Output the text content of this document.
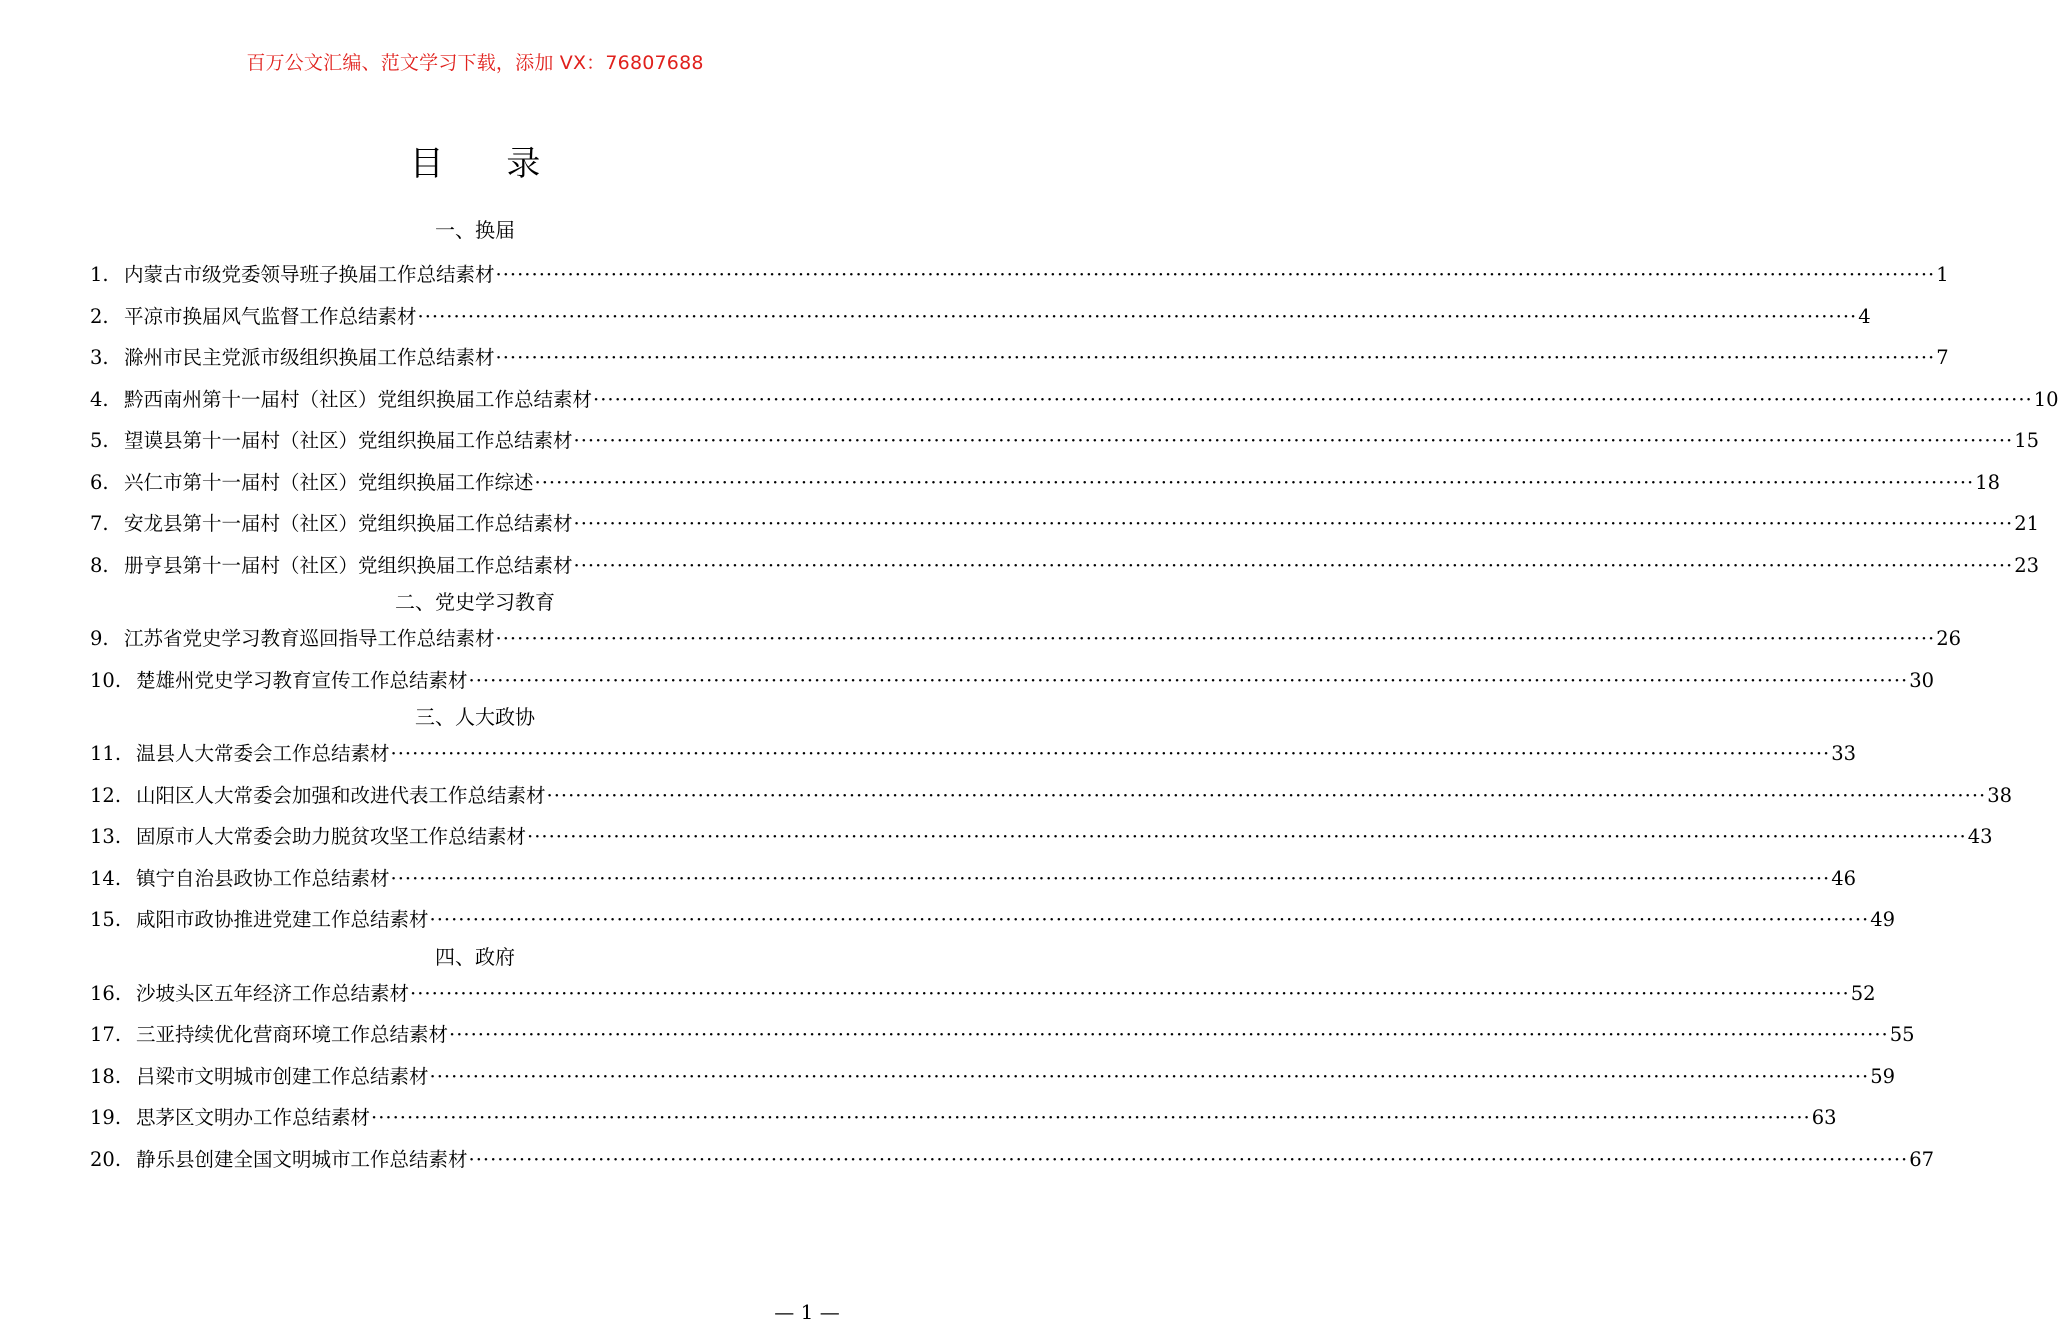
百万公文汇编、范文学习下载，添加 VX：76807688
目 录
一、换届
1. 内蒙古市级党委领导班子换届工作总结素材 ········································································································································································································ 1
2. 平凉市换届风气监督工作总结素材 ········································································································································································································ 4
3. 滁州市民主党派市级组织换届工作总结素材 ········································································································································································································ 7
4. 黔西南州第十一届村（社区）党组织换届工作总结素材 ········································································································································································································ 10
5. 望谟县第十一届村（社区）党组织换届工作总结素材 ········································································································································································································ 15
6. 兴仁市第十一届村（社区）党组织换届工作综述 ········································································································································································································ 18
7. 安龙县第十一届村（社区）党组织换届工作总结素材 ········································································································································································································ 21
8. 册亨县第十一届村（社区）党组织换届工作总结素材 ········································································································································································································ 23
二、党史学习教育
9. 江苏省党史学习教育巡回指导工作总结素材 ········································································································································································································ 26
10. 楚雄州党史学习教育宣传工作总结素材 ········································································································································································································ 30
三、人大政协
11. 温县人大常委会工作总结素材 ········································································································································································································ 33
12. 山阳区人大常委会加强和改进代表工作总结素材 ········································································································································································································ 38
13. 固原市人大常委会助力脱贫攻坚工作总结素材 ········································································································································································································ 43
14. 镇宁自治县政协工作总结素材 ········································································································································································································ 46
15. 咸阳市政协推进党建工作总结素材 ········································································································································································································ 49
四、政府
16. 沙坡头区五年经济工作总结素材 ········································································································································································································ 52
17. 三亚持续优化营商环境工作总结素材 ········································································································································································································ 55
18. 吕梁市文明城市创建工作总结素材 ········································································································································································································ 59
19. 思茅区文明办工作总结素材 ········································································································································································································ 63
20. 静乐县创建全国文明城市工作总结素材 ········································································································································································································ 67
— 1 —
